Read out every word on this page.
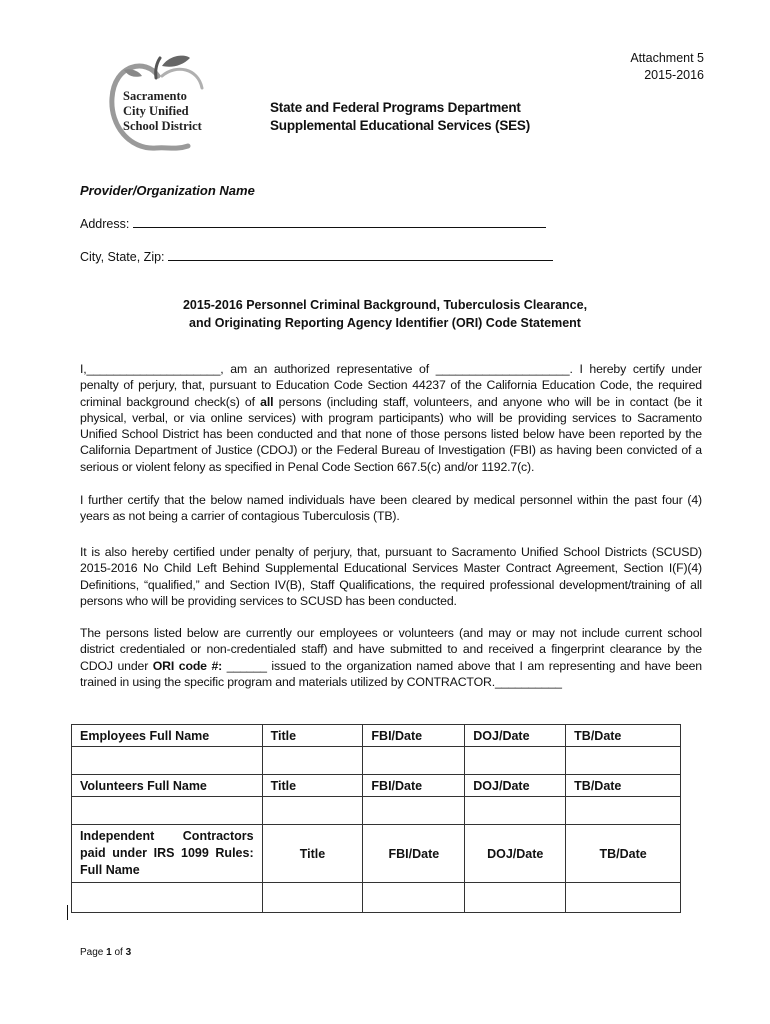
Attachment 5
2015-2016
Sacramento
City Unified
School District
State and Federal Programs Department
Supplemental Educational Services (SES)
Provider/Organization Name
Address:
City, State, Zip:
2015-2016 Personnel Criminal Background, Tuberculosis Clearance,
and Originating Reporting Agency Identifier (ORI) Code Statement
I,____________________, am an authorized representative of ____________________. I hereby certify under penalty of perjury, that, pursuant to Education Code Section 44237 of the California Education Code, the required criminal background check(s) of all persons (including staff, volunteers, and anyone who will be in contact (be it physical, verbal, or via online services) with program participants) who will be providing services to Sacramento Unified School District has been conducted and that none of those persons listed below have been reported by the California Department of Justice (CDOJ) or the Federal Bureau of Investigation (FBI) as having been convicted of a serious or violent felony as specified in Penal Code Section 667.5(c) and/or 1192.7(c).
I further certify that the below named individuals have been cleared by medical personnel within the past four (4) years as not being a carrier of contagious Tuberculosis (TB).
It is also hereby certified under penalty of perjury, that, pursuant to Sacramento Unified School Districts (SCUSD) 2015-2016 No Child Left Behind Supplemental Educational Services Master Contract Agreement, Section I(F)(4) Definitions, “qualified,” and Section IV(B), Staff Qualifications, the required professional development/training of all persons who will be providing services to SCUSD has been conducted.
The persons listed below are currently our employees or volunteers (and may or may not include current school district credentialed or non-credentialed staff) and have submitted to and received a fingerprint clearance by the CDOJ under ORI code #: ______ issued to the organization named above that I am representing and have been trained in using the specific program and materials utilized by CONTRACTOR.__________
Employees Full Name	Title	FBI/Date	DOJ/Date	TB/Date

Volunteers Full Name	Title	FBI/Date	DOJ/Date	TB/Date

Independent Contractors paid under IRS 1099 Rules: Full Name	Title	FBI/Date	DOJ/Date	TB/Date

Page 1 of 3
